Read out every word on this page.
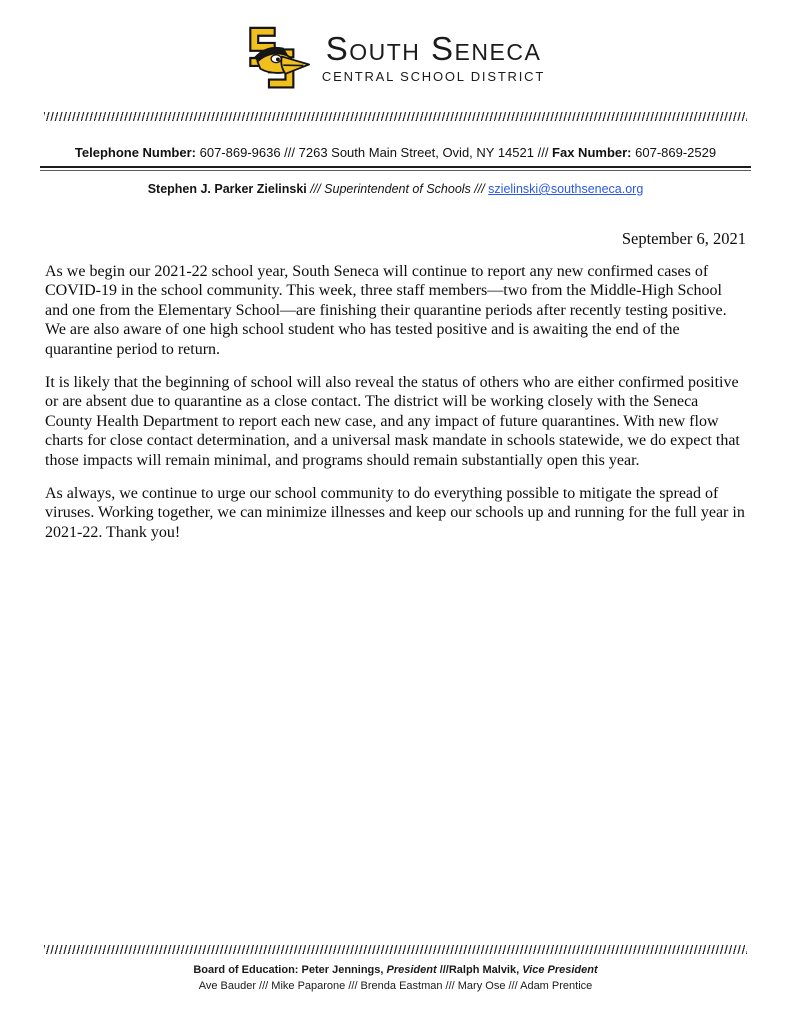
South Seneca
CENTRAL SCHOOL DISTRICT
Telephone Number: 607-869-9636 /// 7263 South Main Street, Ovid, NY 14521 /// Fax Number: 607-869-2529
Stephen J. Parker Zielinski /// Superintendent of Schools /// szielinski@southseneca.org
September 6, 2021

As we begin our 2021-22 school year, South Seneca will continue to report any new confirmed cases of COVID-19 in the school community. This week, three staff members—two from the Middle-High School and one from the Elementary School—are finishing their quarantine periods after recently testing positive. We are also aware of one high school student who has tested positive and is awaiting the end of the quarantine period to return.

It is likely that the beginning of school will also reveal the status of others who are either confirmed positive or are absent due to quarantine as a close contact. The district will be working closely with the Seneca County Health Department to report each new case, and any impact of future quarantines. With new flow charts for close contact determination, and a universal mask mandate in schools statewide, we do expect that those impacts will remain minimal, and programs should remain substantially open this year.

As always, we continue to urge our school community to do everything possible to mitigate the spread of viruses. Working together, we can minimize illnesses and keep our schools up and running for the full year in 2021-22. Thank you!

Board of Education: Peter Jennings, President ///Ralph Malvik, Vice President
Ave Bauder /// Mike Paparone /// Brenda Eastman /// Mary Ose /// Adam Prentice
